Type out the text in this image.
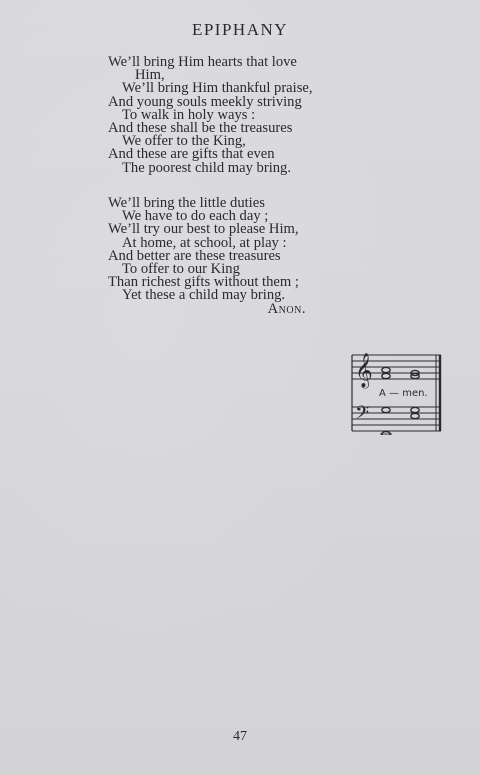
EPIPHANY
We’ll bring Him hearts that love
Him,
We’ll bring Him thankful praise,
And young souls meekly striving
To walk in holy ways :
And these shall be the treasures
We offer to the King,
And these are gifts that even
The poorest child may bring.
We’ll bring the little duties
We have to do each day ;
We’ll try our best to please Him,
At home, at school, at play :
And better are these treasures
To offer to our King
Than richest gifts without them ;
Yet these a child may bring.
Anon.
𝄞
𝄢
A — men.
47
